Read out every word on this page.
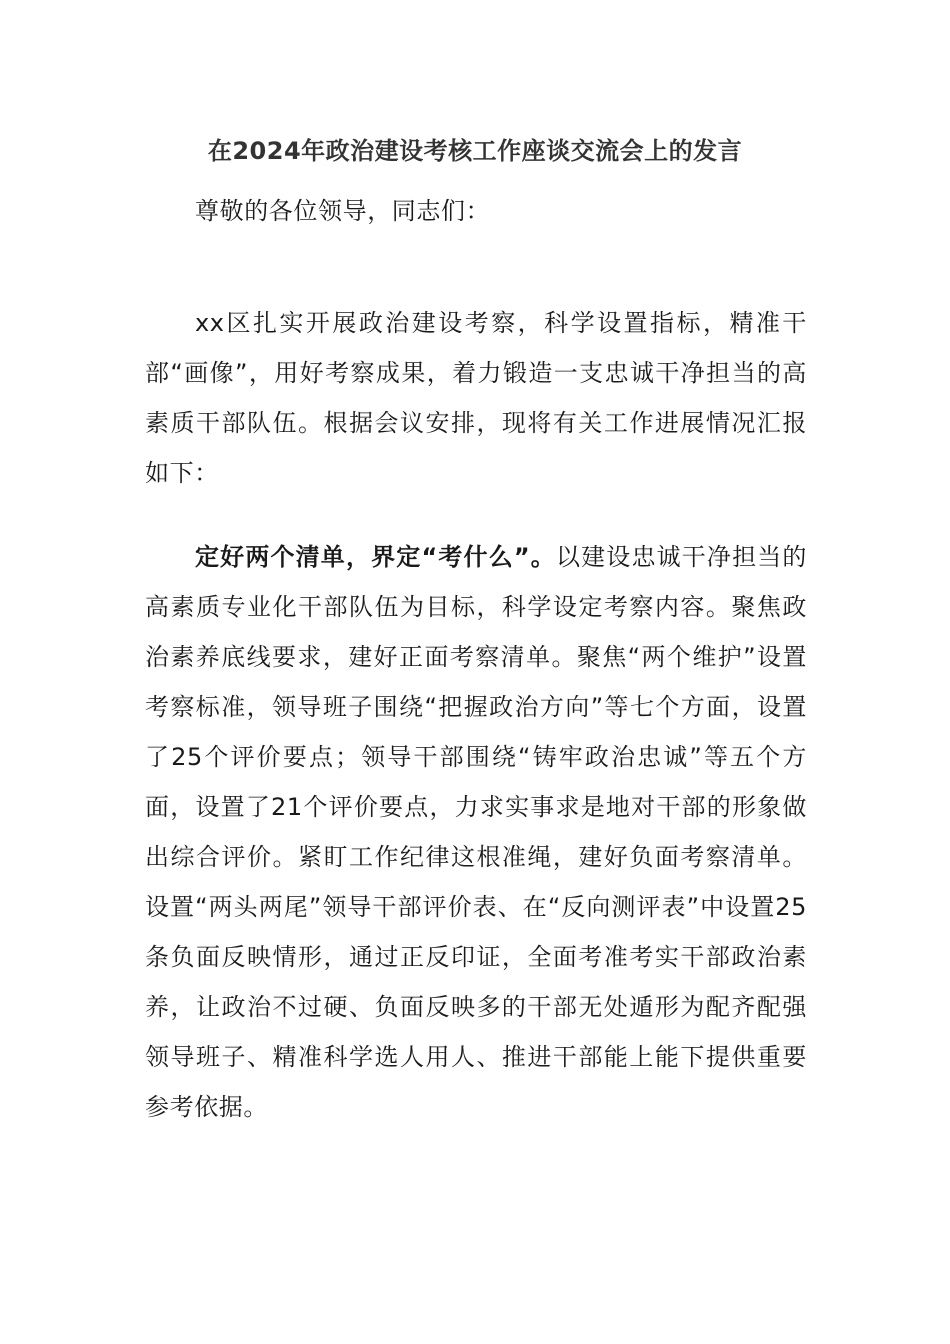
在2024年政治建设考核工作座谈交流会上的发言

尊敬的各位领导，同志们：

xx区扎实开展政治建设考察，科学设置指标，精准干部“画像”，用好考察成果，着力锻造一支忠诚干净担当的高素质干部队伍。根据会议安排，现将有关工作进展情况汇报如下：

定好两个清单，界定“考什么”。以建设忠诚干净担当的高素质专业化干部队伍为目标，科学设定考察内容。聚焦政治素养底线要求，建好正面考察清单。聚焦“两个维护”设置考察标准，领导班子围绕“把握政治方向”等七个方面，设置了25个评价要点；领导干部围绕“铸牢政治忠诚”等五个方面，设置了21个评价要点，力求实事求是地对干部的形象做出综合评价。紧盯工作纪律这根准绳，建好负面考察清单。设置“两头两尾”领导干部评价表、在“反向测评表”中设置25条负面反映情形，通过正反印证，全面考准考实干部政治素养，让政治不过硬、负面反映多的干部无处遁形为配齐配强领导班子、精准科学选人用人、推进干部能上能下提供重要参考依据。
